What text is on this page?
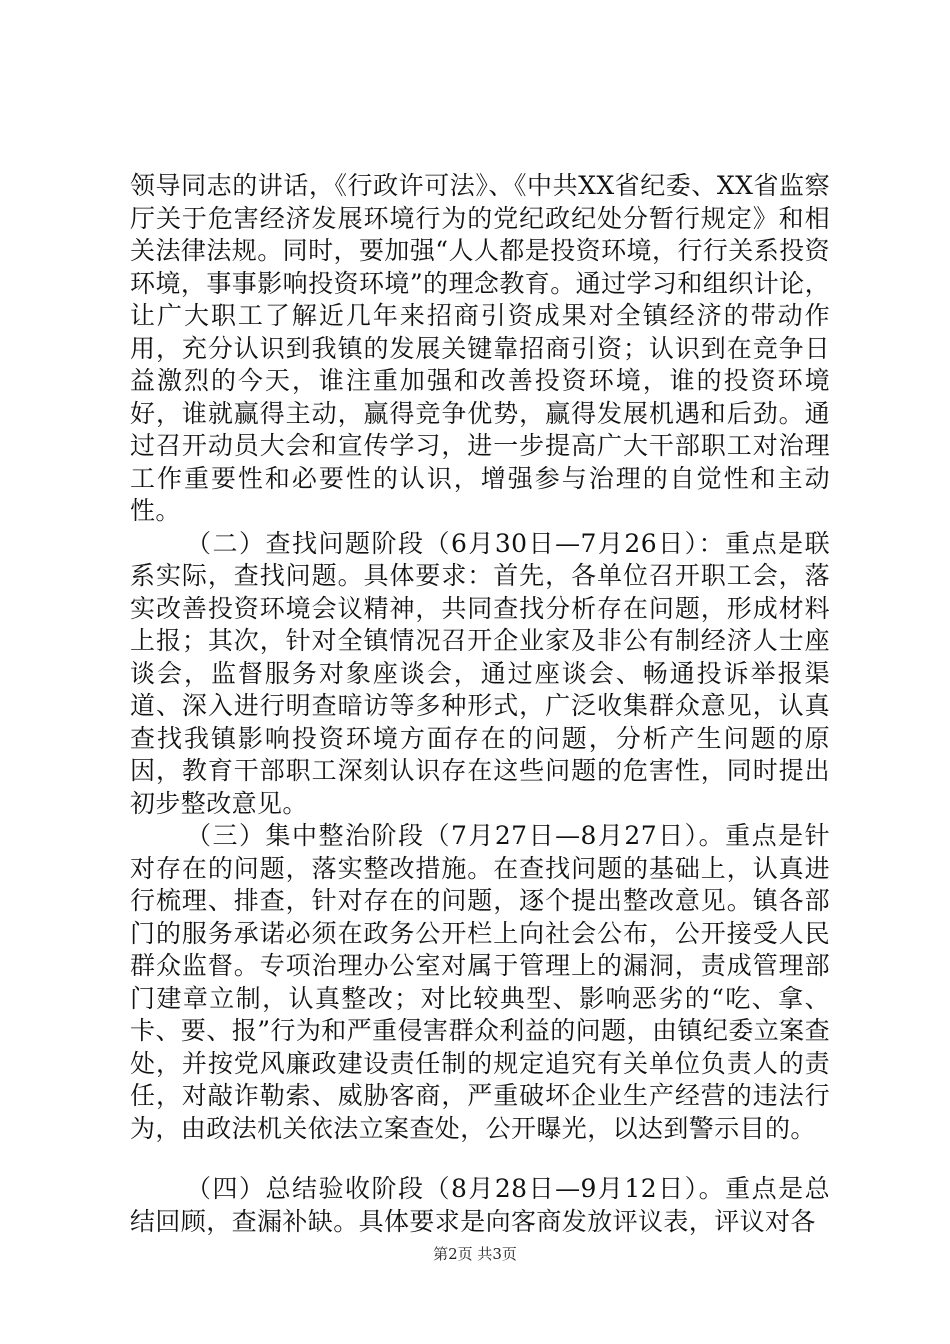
领导同志的讲话，《行政许可法》、《中共XX省纪委、XX省监察厅关于危害经济发展环境行为的党纪政纪处分暂行规定》和相关法律法规。同时，要加强“人人都是投资环境，行行关系投资环境，事事影响投资环境”的理念教育。通过学习和组织计论，让广大职工了解近几年来招商引资成果对全镇经济的带动作用，充分认识到我镇的发展关键靠招商引资；认识到在竞争日益激烈的今天，谁注重加强和改善投资环境，谁的投资环境好，谁就赢得主动，赢得竞争优势，赢得发展机遇和后劲。通过召开动员大会和宣传学习，进一步提高广大干部职工对治理工作重要性和必要性的认识，增强参与治理的自觉性和主动性。

（二）查找问题阶段（6月30日—7月26日）：重点是联系实际，查找问题。具体要求：首先，各单位召开职工会，落实改善投资环境会议精神，共同查找分析存在问题，形成材料上报；其次，针对全镇情况召开企业家及非公有制经济人士座谈会，监督服务对象座谈会，通过座谈会、畅通投诉举报渠道、深入进行明查暗访等多种形式，广泛收集群众意见，认真查找我镇影响投资环境方面存在的问题，分析产生问题的原因，教育干部职工深刻认识存在这些问题的危害性，同时提出初步整改意见。

（三）集中整治阶段（7月27日—8月27日）。重点是针对存在的问题，落实整改措施。在查找问题的基础上，认真进行梳理、排查，针对存在的问题，逐个提出整改意见。镇各部门的服务承诺必须在政务公开栏上向社会公布，公开接受人民群众监督。专项治理办公室对属于管理上的漏洞，责成管理部门建章立制，认真整改；对比较典型、影响恶劣的“吃、拿、卡、要、报”行为和严重侵害群众利益的问题，由镇纪委立案查处，并按党风廉政建设责任制的规定追究有关单位负责人的责任，对敲诈勒索、威胁客商，严重破坏企业生产经营的违法行为，由政法机关依法立案查处，公开曝光，以达到警示目的。

（四）总结验收阶段（8月28日—9月12日）。重点是总结回顾，查漏补缺。具体要求是向客商发放评议表，评议对各

第2页 共3页
